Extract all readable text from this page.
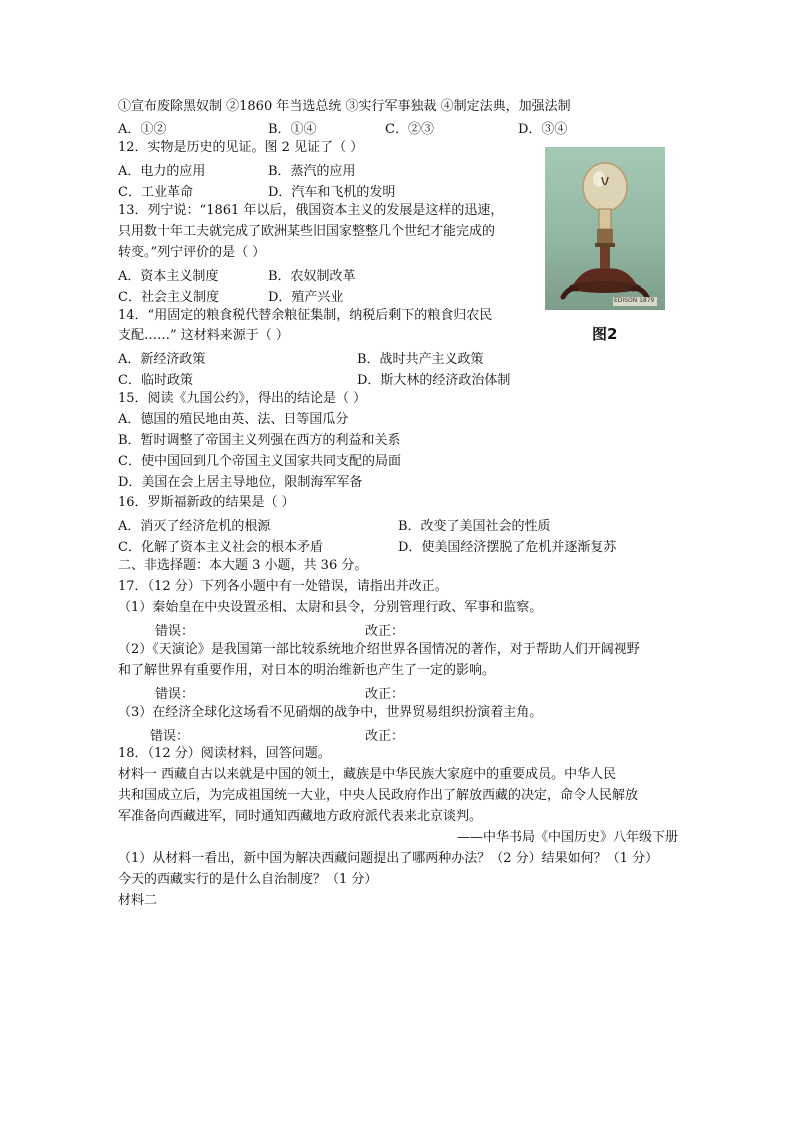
①宣布废除黑奴制 ②1860 年当选总统 ③实行军事独裁 ④制定法典，加强法制
A．①②	B．①④	C．②③	D．③④
12．实物是历史的见证。图 2 见证了（ ）
A．电力的应用	B．蒸汽的应用
C．工业革命	D．汽车和飞机的发明
13．列宁说：“1861 年以后，俄国资本主义的发展是这样的迅速，
只用数十年工夫就完成了欧洲某些旧国家整整几个世纪才能完成的
转变。”列宁评价的是（ ）
A．资本主义制度	B．农奴制改革
C．社会主义制度	D．殖产兴业
14．“用固定的粮食税代替余粮征集制，纳税后剩下的粮食归农民
支配……” 这材料来源于（ ）
A．新经济政策	B．战时共产主义政策
C．临时政策	D．斯大林的经济政治体制
15．阅读《九国公约》，得出的结论是（ ）
A．德国的殖民地由英、法、日等国瓜分
B．暂时调整了帝国主义列强在西方的利益和关系
C．使中国回到几个帝国主义国家共同支配的局面
D．美国在会上居主导地位，限制海军军备
16．罗斯福新政的结果是（ ）
A．消灭了经济危机的根源	B．改变了美国社会的性质
C．化解了资本主义社会的根本矛盾	D．使美国经济摆脱了危机并逐渐复苏
二、非选择题：本大题 3 小题，共 36 分。
17．（12 分）下列各小题中有一处错误，请指出并改正。
（1）秦始皇在中央设置丞相、太尉和县令，分别管理行政、军事和监察。
错误：	改正：
（2）《天演论》是我国第一部比较系统地介绍世界各国情况的著作，对于帮助人们开阔视野
和了解世界有重要作用，对日本的明治维新也产生了一定的影响。
错误：	改正：
（3）在经济全球化这场看不见硝烟的战争中，世界贸易组织扮演着主角。
错误：	改正：
18．（12 分）阅读材料，回答问题。
材料一 西藏自古以来就是中国的领土，藏族是中华民族大家庭中的重要成员。中华人民
共和国成立后，为完成祖国统一大业，中央人民政府作出了解放西藏的决定，命令人民解放
军准备向西藏进军，同时通知西藏地方政府派代表来北京谈判。
——中华书局《中国历史》八年级下册
（1）从材料一看出，新中国为解决西藏问题提出了哪两种办法？（2 分）结果如何？（1 分）
今天的西藏实行的是什么自治制度？（1 分）
材料二
EDISON 1879
图2
